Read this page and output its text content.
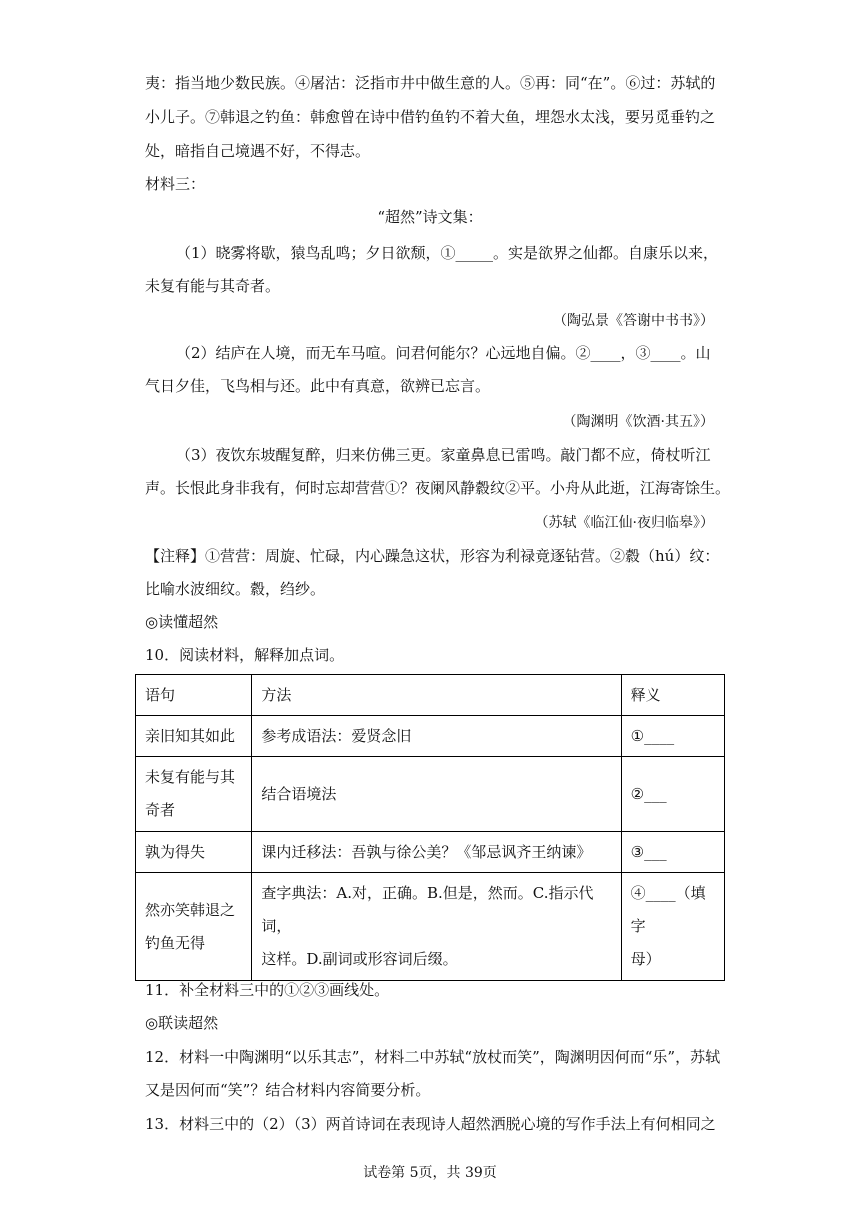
夷：指当地少数民族。④屠沽：泛指市井中做生意的人。⑤再：同“在”。⑥过：苏轼的
小儿子。⑦韩退之钓鱼：韩愈曾在诗中借钓鱼钓不着大鱼，埋怨水太浅，要另觅垂钓之
处，暗指自己境遇不好，不得志。
材料三：
“超然”诗文集：
（1）晓雾将歇，猿鸟乱鸣；夕日欲颓，①_____。实是欲界之仙都。自康乐以来，
未复有能与其奇者。
（陶弘景《答谢中书书》）
（2）结庐在人境，而无车马喧。问君何能尔？心远地自偏。②____，③____。山
气日夕佳，飞鸟相与还。此中有真意，欲辨已忘言。
（陶渊明《饮酒·其五》）
（3）夜饮东坡醒复醉，归来仿佛三更。家童鼻息已雷鸣。敲门都不应，倚杖听江
声。长恨此身非我有，何时忘却营营①？夜阑风静縠纹②平。小舟从此逝，江海寄馀生。
（苏轼《临江仙·夜归临皋》）
【注释】①营营：周旋、忙碌，内心躁急这状，形容为利禄竟逐钻营。②縠（hú）纹：
比喻水波细纹。縠，绉纱。
◎读懂超然
10．阅读材料，解释加点词。
语句	方法	释义
亲旧知其如此	参考成语法：爱贤念旧	①____
未复有能与其
奇者	结合语境法	②___
孰为得失	课内迁移法：吾孰与徐公美？《邹忌讽齐王纳谏》	③___
然亦笑韩退之
钓鱼无得	查字典法：A.对，正确。B.但是，然而。C.指示代词，
这样。D.副词或形容词后缀。	④____（填字
母）
11．补全材料三中的①②③画线处。
◎联读超然
12．材料一中陶渊明“以乐其志”，材料二中苏轼“放杖而笑”，陶渊明因何而“乐”，苏轼
又是因何而“笑”？结合材料内容简要分析。
13．材料三中的（2）（3）两首诗词在表现诗人超然洒脱心境的写作手法上有何相同之
试卷第 5页，共 39页
